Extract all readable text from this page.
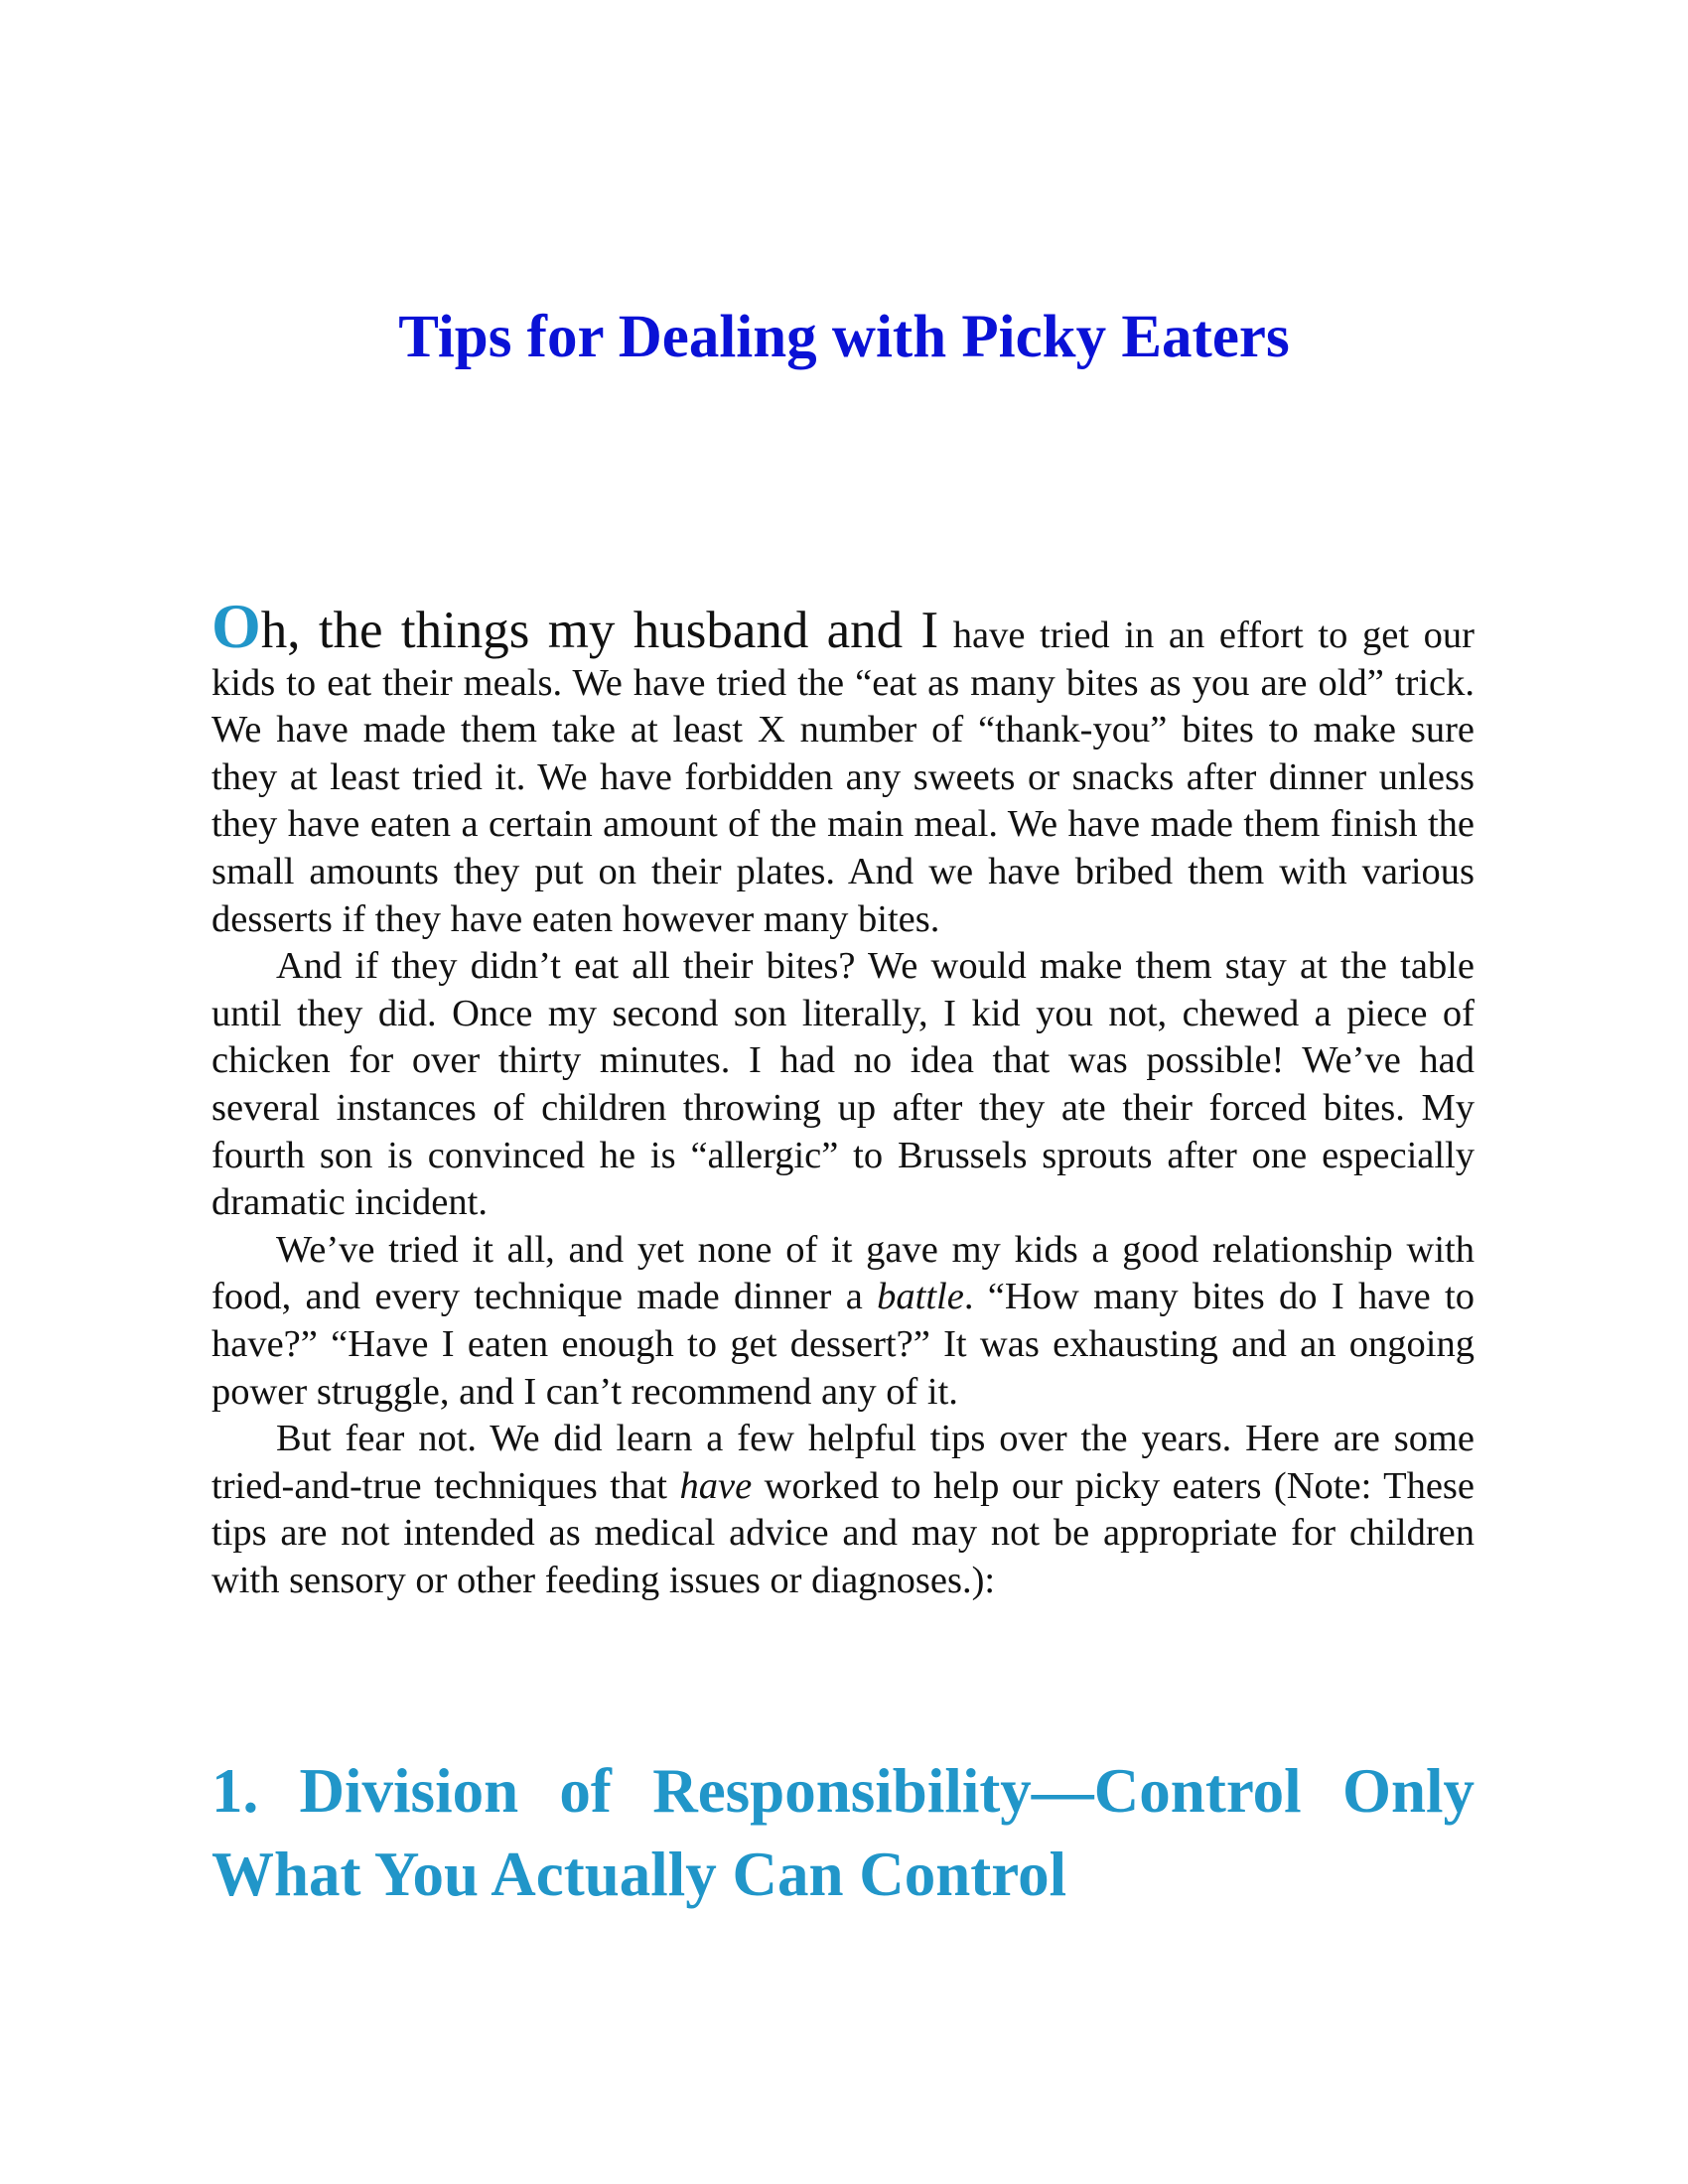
Tips for Dealing with Picky Eaters

Oh, the things my husband and I have tried in an effort to get our kids to eat their meals. We have tried the “eat as many bites as you are old” trick. We have made them take at least X number of “thank-you” bites to make sure they at least tried it. We have forbidden any sweets or snacks after dinner unless they have eaten a certain amount of the main meal. We have made them finish the small amounts they put on their plates. And we have bribed them with various desserts if they have eaten however many bites.

And if they didn’t eat all their bites? We would make them stay at the table until they did. Once my second son literally, I kid you not, chewed a piece of chicken for over thirty minutes. I had no idea that was possible! We’ve had several instances of children throwing up after they ate their forced bites. My fourth son is convinced he is “allergic” to Brussels sprouts after one especially dramatic incident.

We’ve tried it all, and yet none of it gave my kids a good relationship with food, and every technique made dinner a battle. “How many bites do I have to have?” “Have I eaten enough to get dessert?” It was exhausting and an ongoing power struggle, and I can’t recommend any of it.

But fear not. We did learn a few helpful tips over the years. Here are some tried-and-true techniques that have worked to help our picky eaters (Note: These tips are not intended as medical advice and may not be appropriate for children with sensory or other feeding issues or diagnoses.):

1. Division of Responsibility—Control Only What You Actually Can Control
